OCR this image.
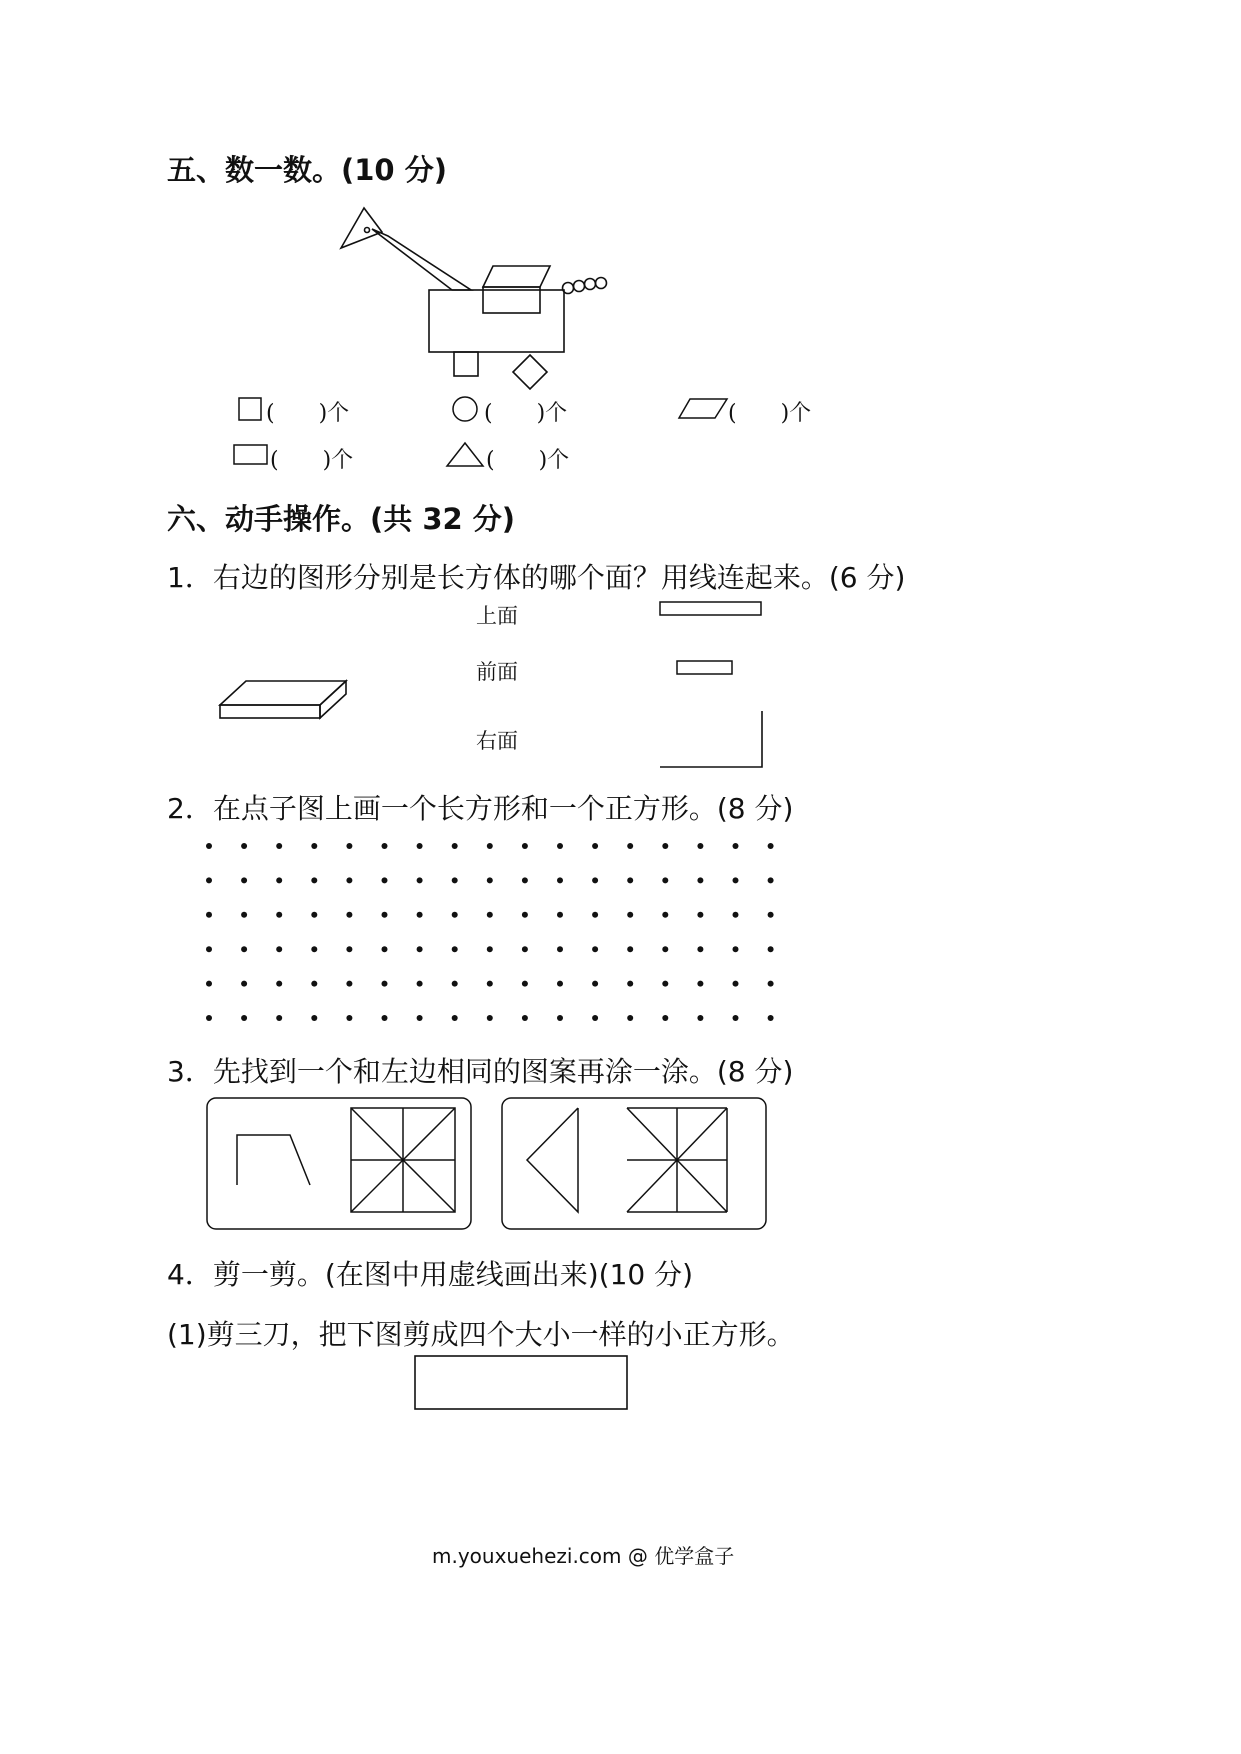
五、数一数。(10 分)
(　　)个	(　　)个	(　　)个
(　　)个	(　　)个
六、动手操作。(共 32 分)
1．右边的图形分别是长方体的哪个面？用线连起来。(6 分)
上面
前面
右面
2．在点子图上画一个长方形和一个正方形。(8 分)
3．先找到一个和左边相同的图案再涂一涂。(8 分)
4．剪一剪。(在图中用虚线画出来)(10 分)
(1)剪三刀，把下图剪成四个大小一样的小正方形。
m.youxuehezi.com @ 优学盒子
